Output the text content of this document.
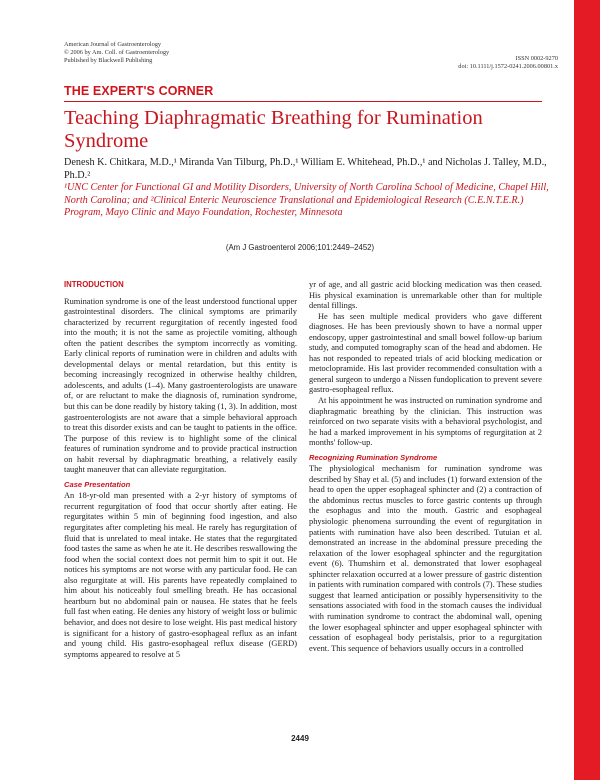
American Journal of Gastroenterology
© 2006 by Am. Coll. of Gastroenterology
Published by Blackwell Publishing	ISSN 0002-9270
doi: 10.1111/j.1572-0241.2006.00801.x
THE EXPERT'S CORNER
Teaching Diaphragmatic Breathing for Rumination Syndrome
Denesh K. Chitkara, M.D.,¹ Miranda Van Tilburg, Ph.D.,¹ William E. Whitehead, Ph.D.,¹ and Nicholas J. Talley, M.D., Ph.D.²
¹UNC Center for Functional GI and Motility Disorders, University of North Carolina School of Medicine, Chapel Hill, North Carolina; and ²Clinical Enteric Neuroscience Translational and Epidemiological Research (C.E.N.T.E.R.) Program, Mayo Clinic and Mayo Foundation, Rochester, Minnesota
(Am J Gastroenterol 2006;101:2449–2452)
INTRODUCTION

Rumination syndrome is one of the least understood functional upper gastrointestinal disorders. The clinical symptoms are primarily characterized by recurrent regurgitation of recently ingested food into the mouth; it is not the same as projectile vomiting, although often the patient describes the symptom incorrectly as vomiting. Early clinical reports of rumination were in children and adults with developmental delays or mental retardation, but this entity is becoming increasingly recognized in otherwise healthy children, adolescents, and adults (1–4). Many gastroenterologists are unaware of, or are reluctant to make the diagnosis of, rumination syndrome, but this can be done readily by history taking (1, 3). In addition, most gastroenterologists are not aware that a simple behavioral approach to treat this disorder exists and can be taught to patients in the office. The purpose of this review is to highlight some of the clinical features of rumination syndrome and to provide practical instruction on habit reversal by diaphragmatic breathing, a relatively easily taught maneuver that can alleviate regurgitation.

Case Presentation

An 18-yr-old man presented with a 2-yr history of symptoms of recurrent regurgitation of food that occur shortly after eating. He regurgitates within 5 min of beginning food ingestion, and also regurgitates after completing his meal. He rarely has regurgitation of fluid that is unrelated to meal intake. He states that the regurgitated food tastes the same as when he ate it. He describes reswallowing the food when the social context does not permit him to spit it out. He notices his symptoms are not worse with any particular food. He can also regurgitate at will. His parents have repeatedly complained to him about his noticeably foul smelling breath. He has occasional heartburn but no abdominal pain or nausea. He states that he feels full fast when eating. He denies any history of weight loss or bulimic behavior, and does not desire to lose weight. His past medical history is significant for a history of gastro-esophageal reflux as an infant and young child. His gastro-esophageal reflux disease (GERD) symptoms appeared to resolve at 5

yr of age, and all gastric acid blocking medication was then ceased. His physical examination is unremarkable other than for multiple dental fillings.

He has seen multiple medical providers who gave different diagnoses. He has been previously shown to have a normal upper endoscopy, upper gastrointestinal and small bowel follow-up barium study, and computed tomography scan of the head and abdomen. He has not responded to repeated trials of acid blocking medication or metoclopramide. His last provider recommended consultation with a general surgeon to undergo a Nissen fundoplication to prevent severe gastro-esophageal reflux.

At his appointment he was instructed on rumination syndrome and diaphragmatic breathing by the clinician. This instruction was reinforced on two separate visits with a behavioral psychologist, and he had a marked improvement in his symptoms of regurgitation at 2 months' follow-up.

Recognizing Rumination Syndrome

The physiological mechanism for rumination syndrome was described by Shay et al. (5) and includes (1) forward extension of the head to open the upper esophageal sphincter and (2) a contraction of the abdominus rectus muscles to force gastric contents up through the esophagus and into the mouth. Gastric and esophageal physiologic phenomena surrounding the event of regurgitation in patients with rumination have also been described. Tutuian et al. demonstrated an increase in the abdominal pressure preceding the relaxation of the lower esophageal sphincter and the regurgitation event (6). Thumshirn et al. demonstrated that lower esophageal sphincter relaxation occurred at a lower pressure of gastric distention in patients with rumination compared with controls (7). These studies suggest that learned anticipation or possibly hypersensitivity to the sensations associated with food in the stomach causes the individual with rumination syndrome to contract the abdominal wall, opening the lower esophageal sphincter and upper esophageal sphincter with cessation of esophageal body peristalsis, prior to a regurgitation event. This sequence of behaviors usually occurs in a controlled

2449
